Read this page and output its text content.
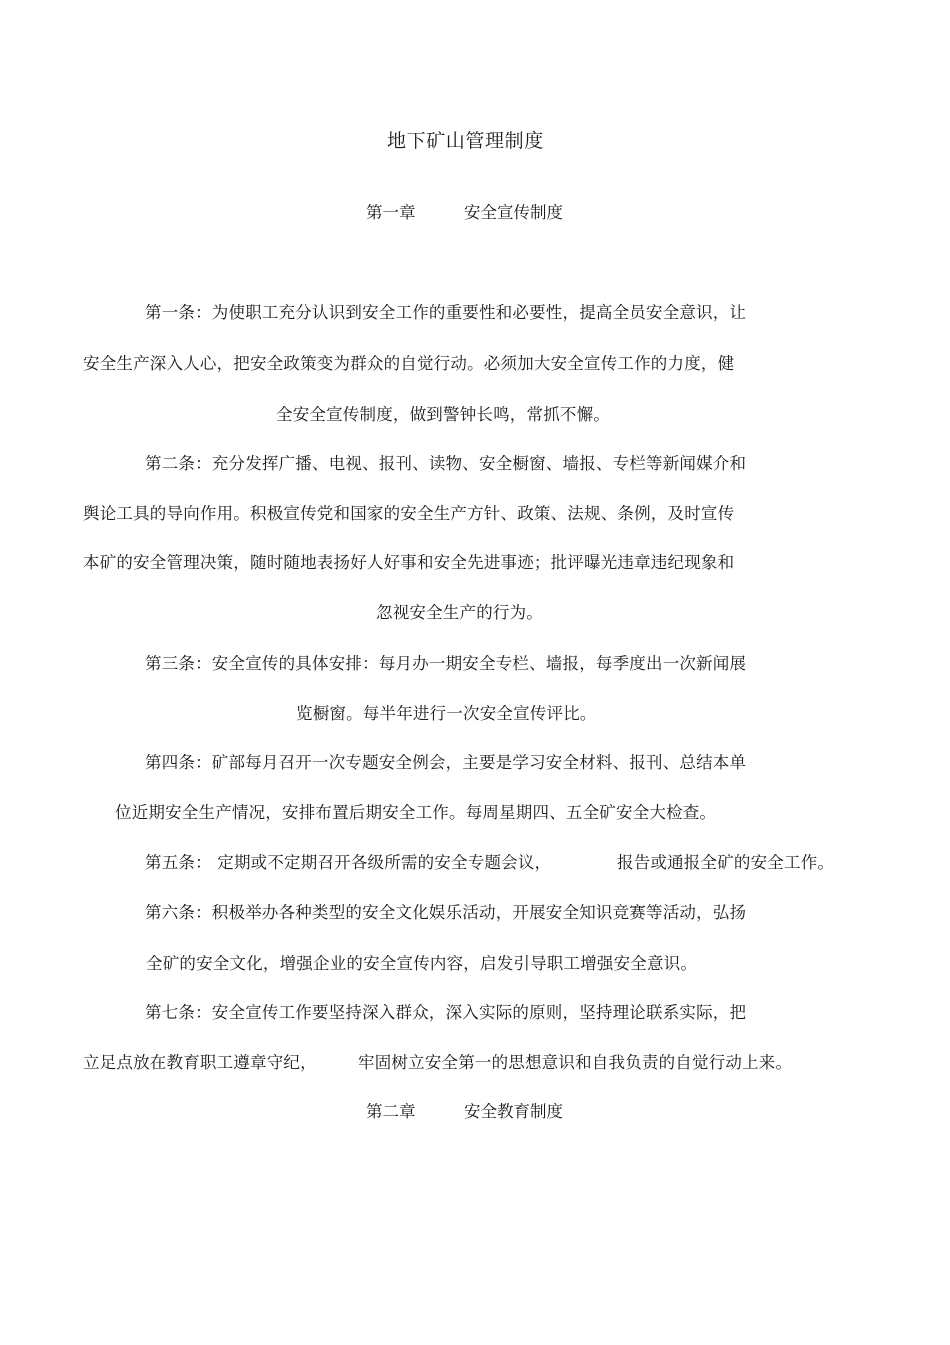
地下矿山管理制度
第一章	安全宣传制度
第一条：为使职工充分认识到安全工作的重要性和必要性，提高全员安全意识，让
安全生产深入人心，把安全政策变为群众的自觉行动。必须加大安全宣传工作的力度，健
全安全宣传制度，做到警钟长鸣，常抓不懈。
第二条：充分发挥广播、电视、报刊、读物、安全橱窗、墙报、专栏等新闻媒介和
舆论工具的导向作用。积极宣传党和国家的安全生产方针、政策、法规、条例，及时宣传
本矿的安全管理决策，随时随地表扬好人好事和安全先进事迹；批评曝光违章违纪现象和
忽视安全生产的行为。
第三条：安全宣传的具体安排：每月办一期安全专栏、墙报，每季度出一次新闻展
览橱窗。每半年进行一次安全宣传评比。
第四条：矿部每月召开一次专题安全例会，主要是学习安全材料、报刊、总结本单
位近期安全生产情况，安排布置后期安全工作。每周星期四、五全矿安全大检查。
第五条： 定期或不定期召开各级所需的安全专题会议，	报告或通报全矿的安全工作。
第六条：积极举办各种类型的安全文化娱乐活动，开展安全知识竞赛等活动，弘扬
全矿的安全文化，增强企业的安全宣传内容，启发引导职工增强安全意识。
第七条：安全宣传工作要坚持深入群众，深入实际的原则，坚持理论联系实际，把
立足点放在教育职工遵章守纪， 牢固树立安全第一的思想意识和自我负责的自觉行动上来。
第二章	安全教育制度
